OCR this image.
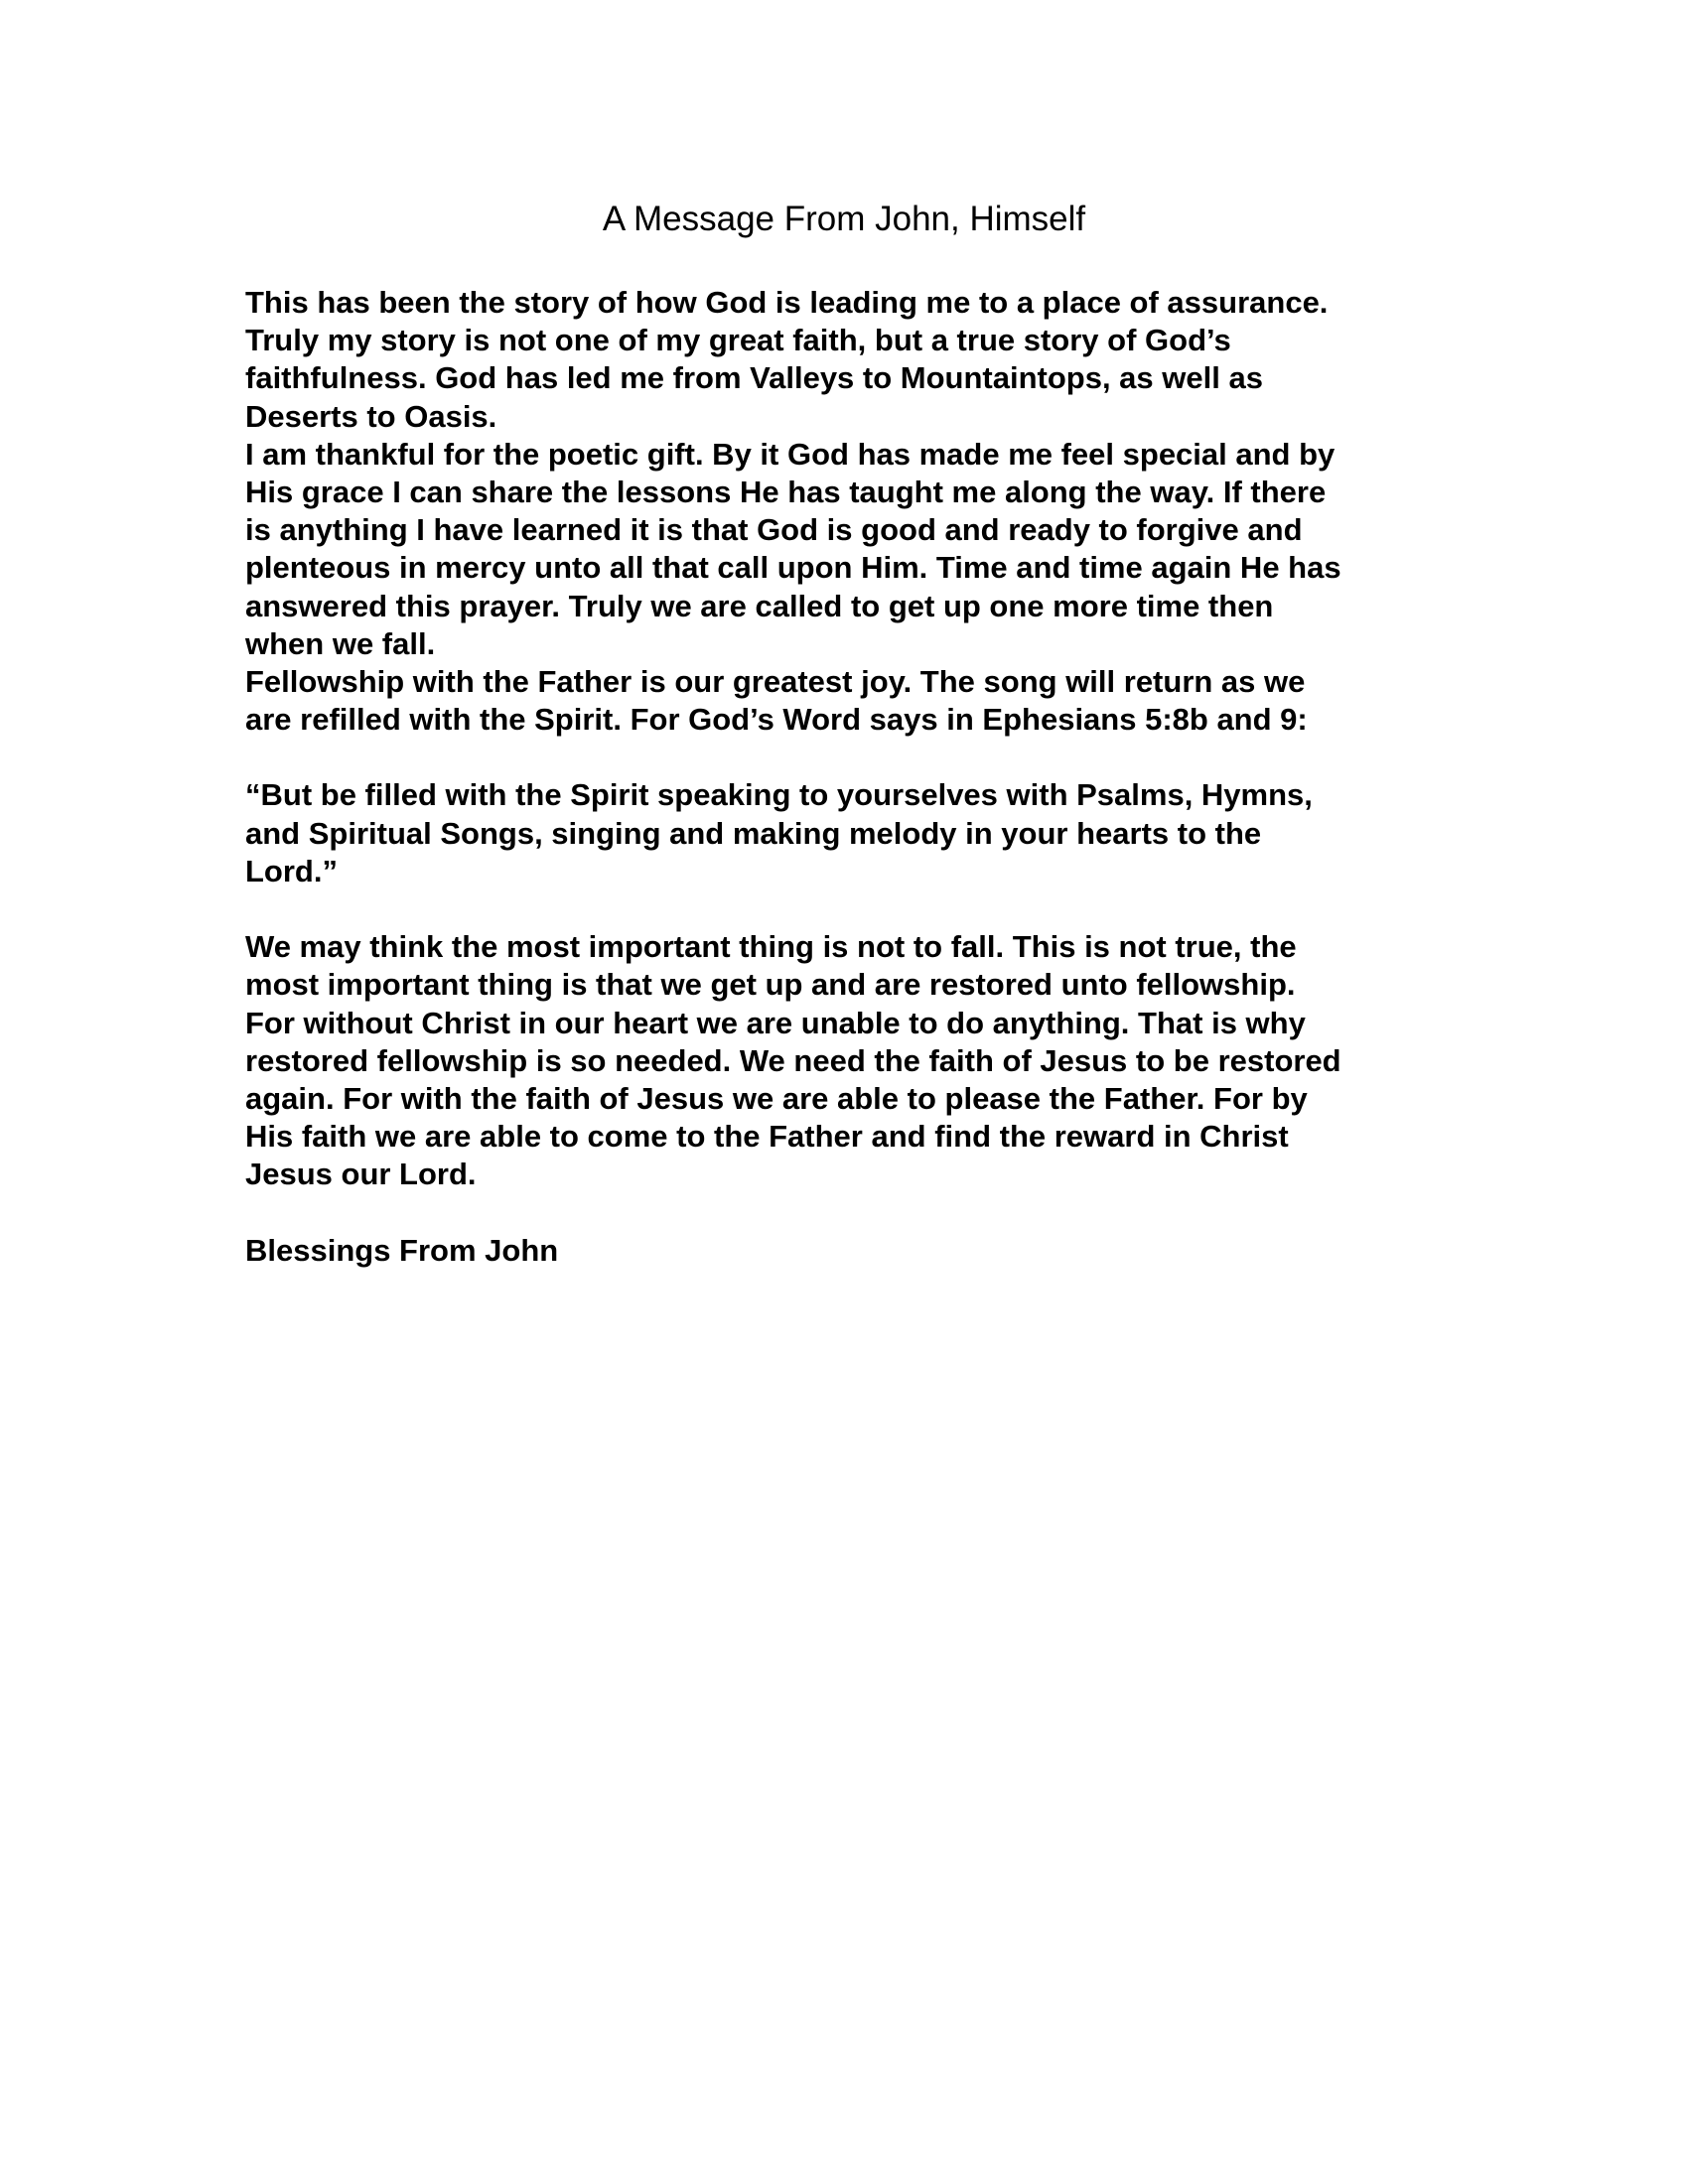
A Message From John, Himself
This has been the story of how God is leading me to a place of assurance.
Truly my story is not one of my great faith, but a true story of God’s
faithfulness. God has led me from Valleys to Mountaintops, as well as
Deserts to Oasis.
I am thankful for the poetic gift. By it God has made me feel special and by
His grace I can share the lessons He has taught me along the way. If there
is anything I have learned it is that God is good and ready to forgive and
plenteous in mercy unto all that call upon Him. Time and time again He has
answered this prayer. Truly we are called to get up one more time then
when we fall.
Fellowship with the Father is our greatest joy. The song will return as we
are refilled with the Spirit. For God’s Word says in Ephesians 5:8b and 9:
“But be filled with the Spirit speaking to yourselves with Psalms, Hymns,
and Spiritual Songs, singing and making melody in your hearts to the
Lord.”
We may think the most important thing is not to fall. This is not true, the
most important thing is that we get up and are restored unto fellowship.
For without Christ in our heart we are unable to do anything. That is why
restored fellowship is so needed. We need the faith of Jesus to be restored
again. For with the faith of Jesus we are able to please the Father. For by
His faith we are able to come to the Father and find the reward in Christ
Jesus our Lord.
Blessings From John
